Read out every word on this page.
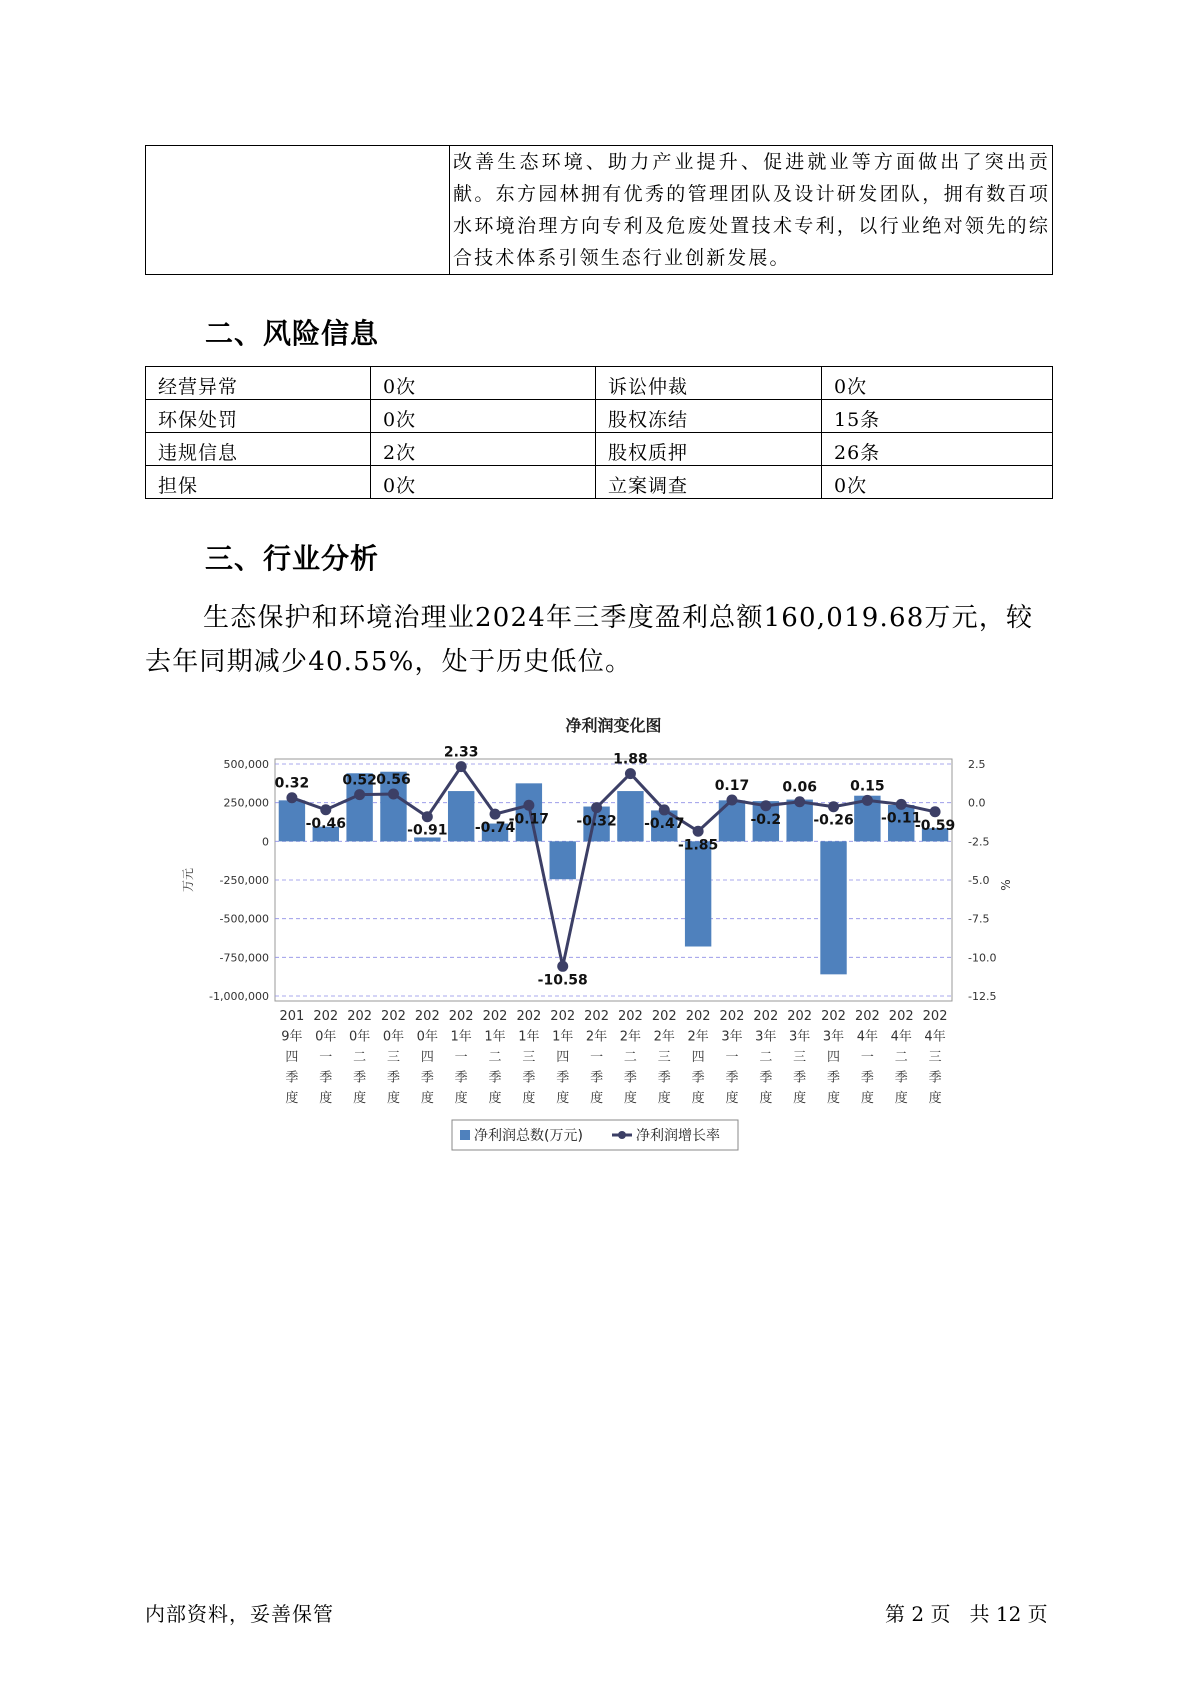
	改善生态环境、助力产业提升、促进就业等方面做出了突出贡献。东方园林拥有优秀的管理团队及设计研发团队，拥有数百项水环境治理方向专利及危废处置技术专利，以行业绝对领先的综合技术体系引领生态行业创新发展。
二、风险信息
经营异常	0次	诉讼仲裁	0次
环保处罚	0次	股权冻结	15条
违规信息	2次	股权质押	26条
担保	0次	立案调查	0次
三、行业分析

生态保护和环境治理业2024年三季度盈利总额160,019.68万元，较去年同期减少40.55%，处于历史低位。

净利润变化图
500,000
250,000
0
-250,000
-500,000
-750,000
-1,000,000
2.5
0.0
-2.5
-5.0
-7.5
-10.0
-12.5
万元	%
0.32
-0.46
0.52 0.56
-0.91
2.33
-0.74
-0.17
-10.58
-0.32
1.88
-0.47
-1.85
0.17
-0.2
0.06
-0.26
0.15
-0.11
-0.59
201
9年
四
季
度
202
0年
一
季
度
202
0年
二
季
度
202
0年
三
季
度
202
0年
四
季
度
202
1年
一
季
度
202
1年
二
季
度
202
1年
三
季
度
202
1年
四
季
度
202
2年
一
季
度
202
2年
二
季
度
202
2年
三
季
度
202
2年
四
季
度
202
3年
一
季
度
202
3年
二
季
度
202
3年
三
季
度
202
3年
四
季
度
202
4年
一
季
度
202
4年
二
季
度
202
4年
三
季
度
净利润总数(万元)	净利润增长率
内部资料，妥善保管	第 2 页   共 12 页
